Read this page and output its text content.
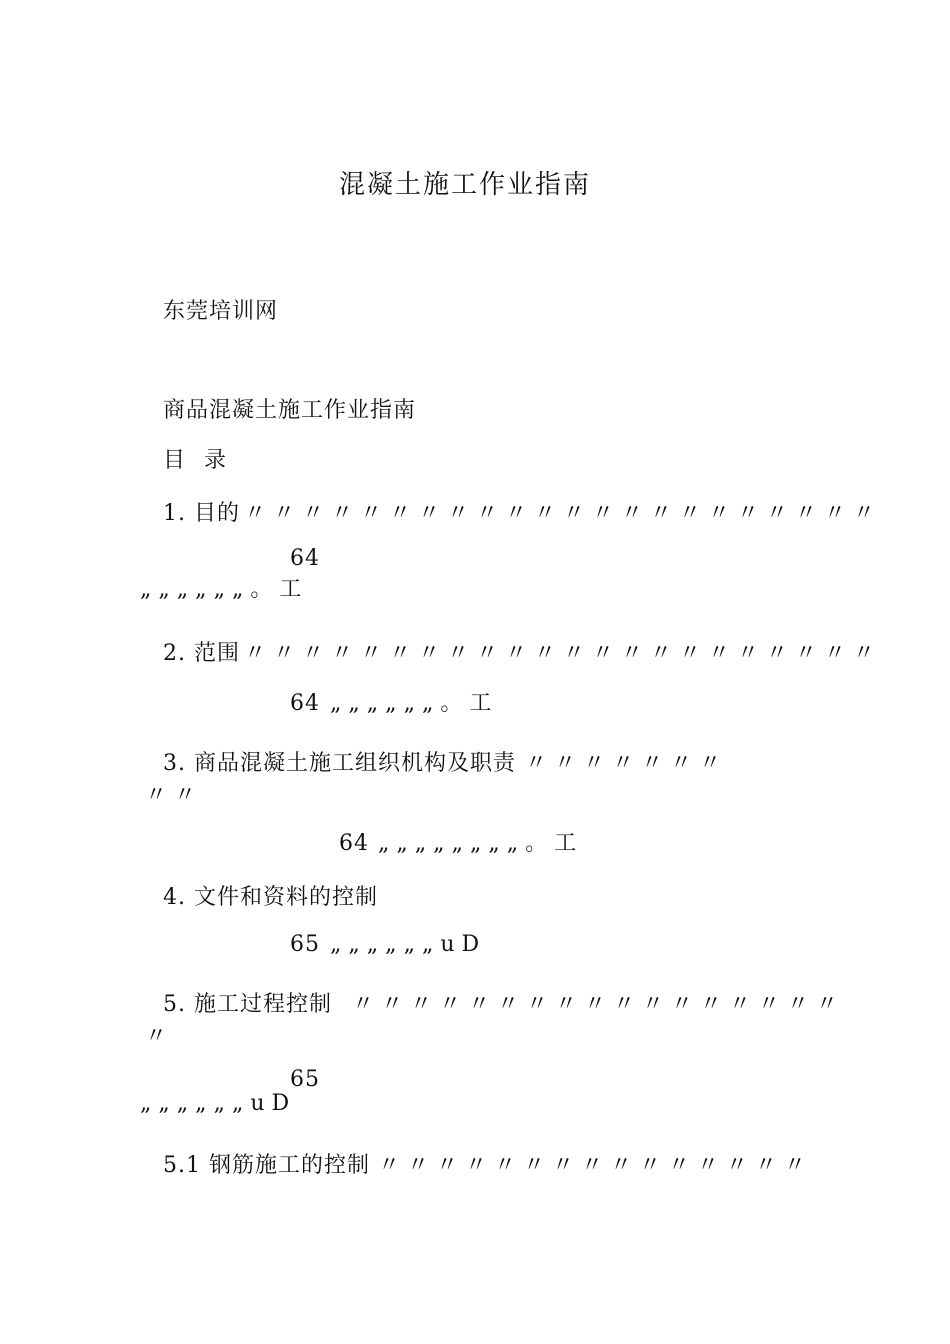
混凝土施工作业指南
东莞培训网
商品混凝土施工作业指南
目 录
1. 目的 〃 〃 〃 〃 〃 〃 〃 〃 〃 〃 〃 〃 〃 〃 〃 〃 〃 〃 〃 〃 〃 〃
64
„ „ „ „ „ „ 。 工
2. 范围 〃 〃 〃 〃 〃 〃 〃 〃 〃 〃 〃 〃 〃 〃 〃 〃 〃 〃 〃 〃 〃 〃
64 „ „ „ „ „ „ 。 工
3. 商品混凝土施工组织机构及职责 〃 〃 〃 〃 〃 〃 〃
〃 〃
64 „ „ „ „ „ „ „ „ 。 工
4. 文件和资料的控制
65 „ „ „ „ „ „ u D
5. 施工过程控制 〃 〃 〃 〃 〃 〃 〃 〃 〃 〃 〃 〃 〃 〃 〃 〃 〃
〃
65
„ „ „ „ „ „ u D
5.1 钢筋施工的控制 〃 〃 〃 〃 〃 〃 〃 〃 〃 〃 〃 〃 〃 〃 〃
